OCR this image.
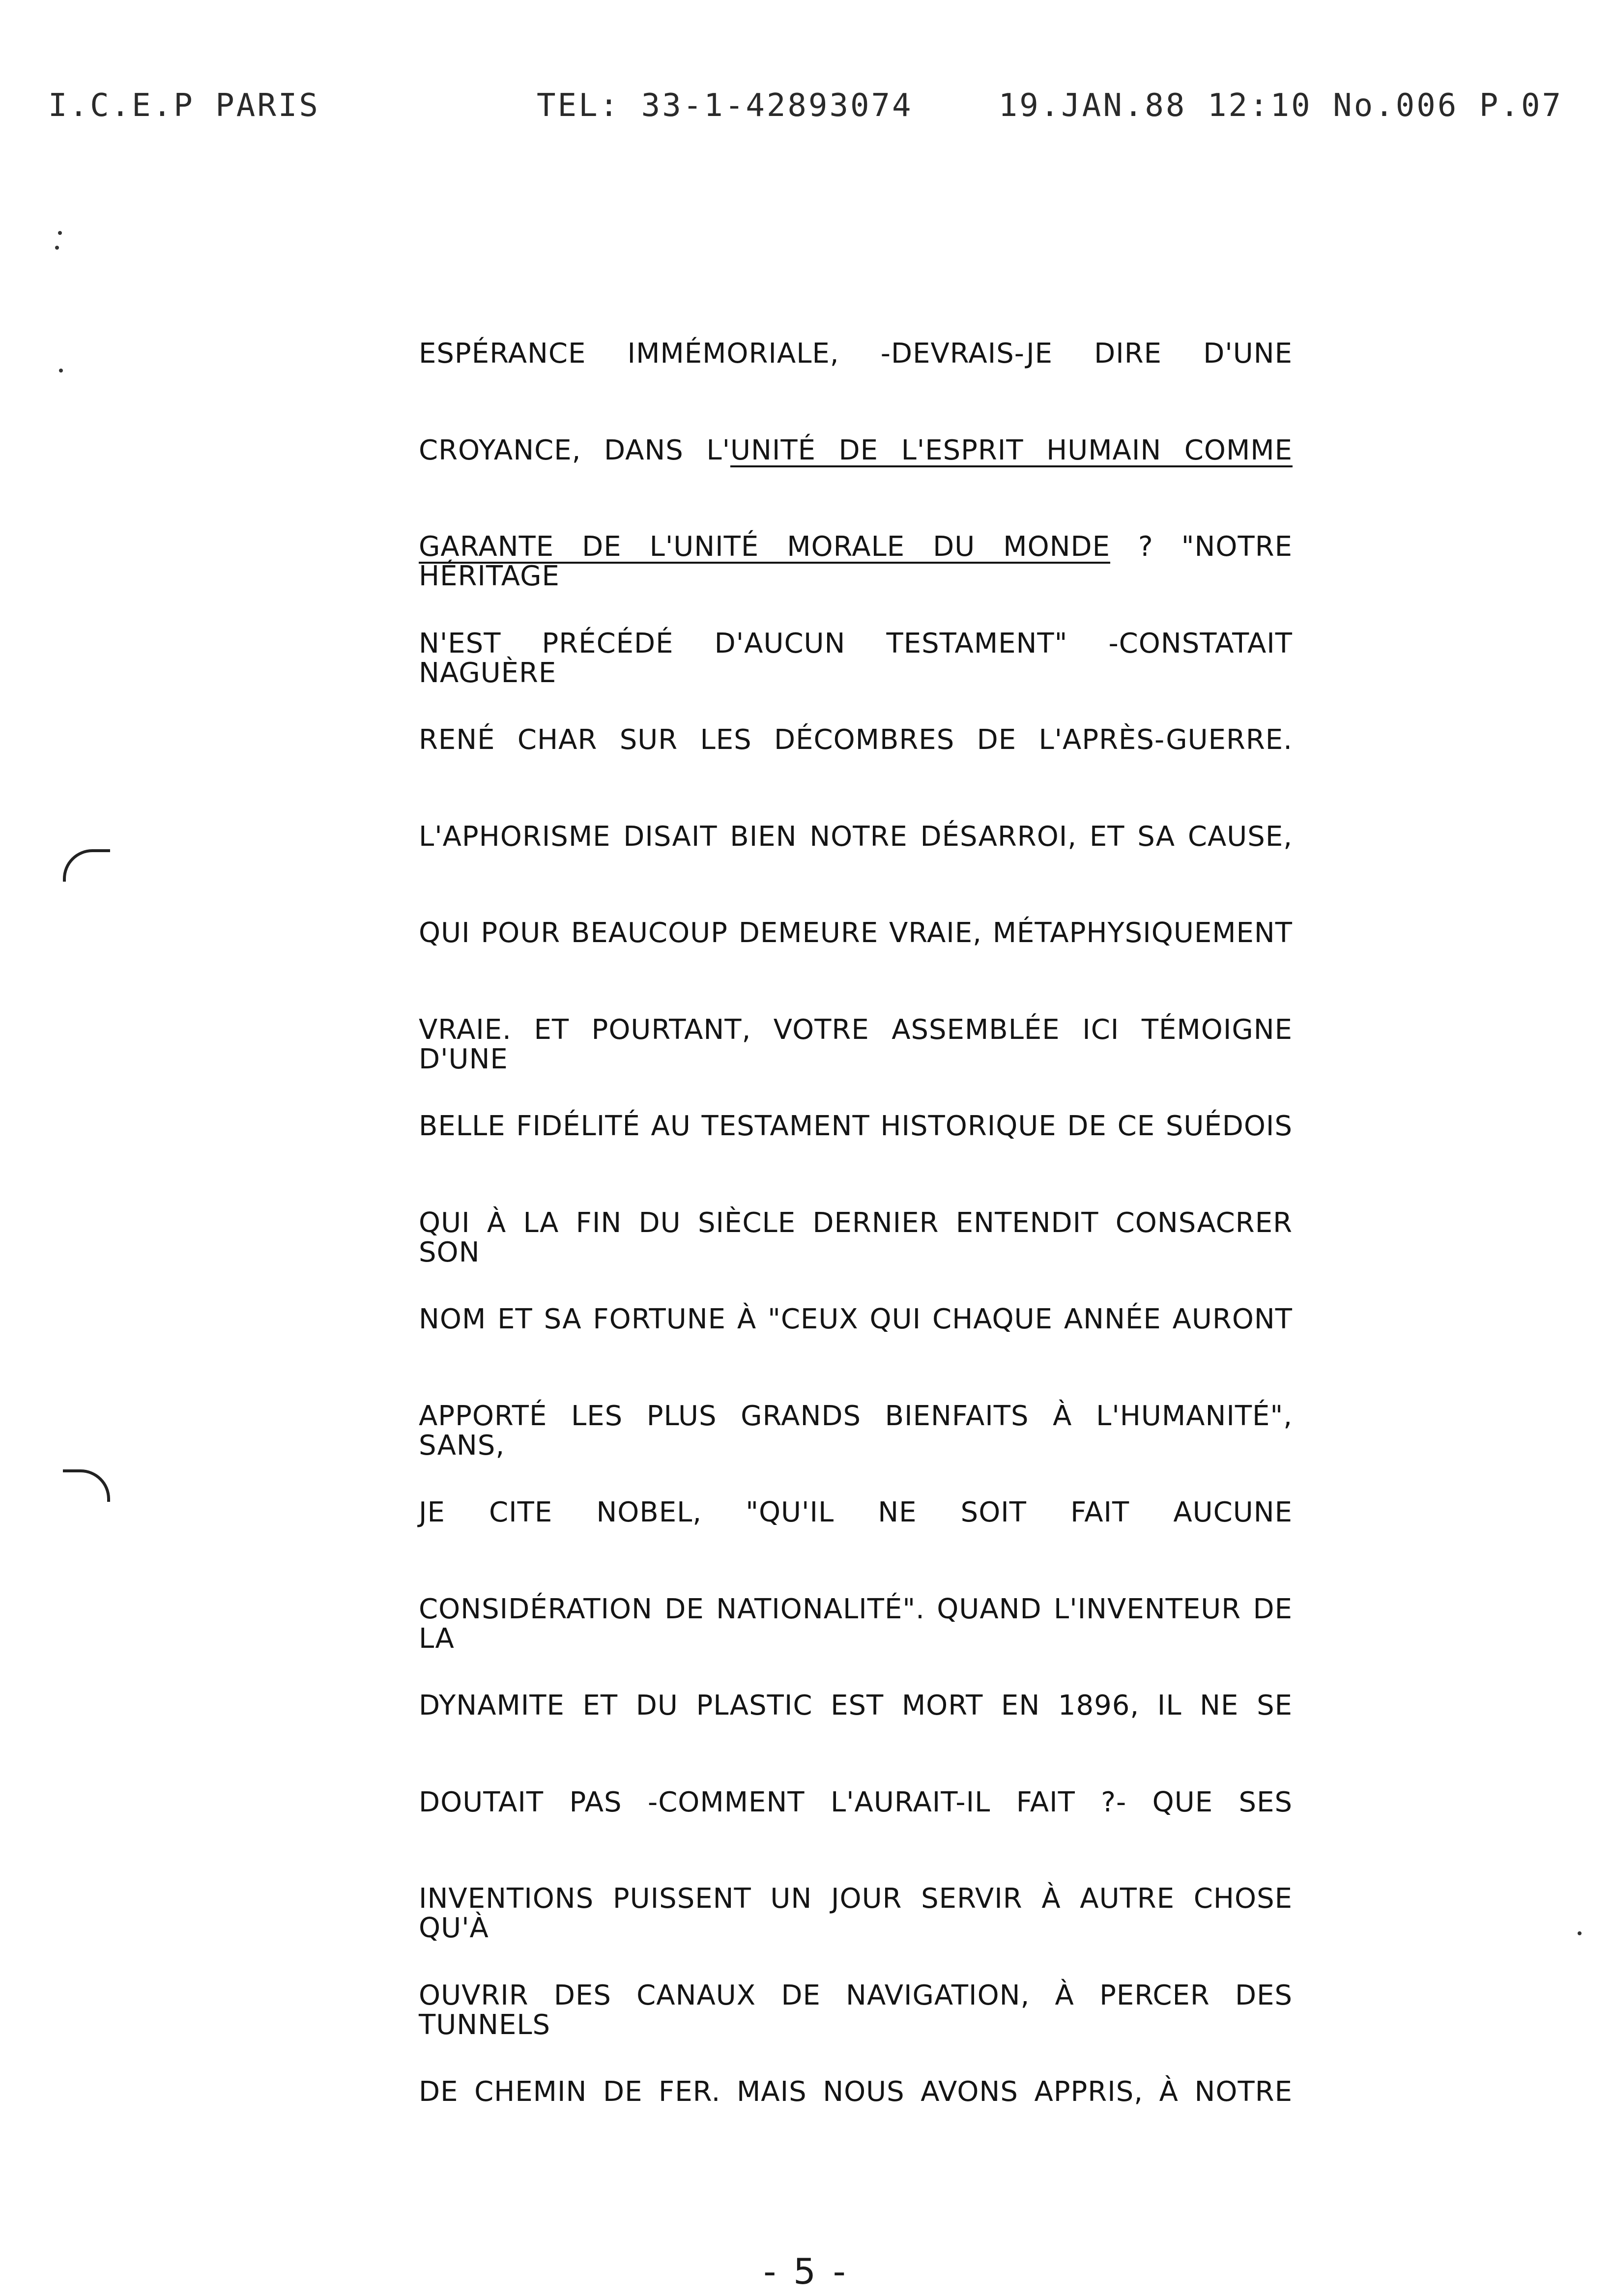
I.C.E.P PARIS	TEL: 33-1-42893074	19.JAN.88 12:10 No.006 P.07
ESPÉRANCE IMMÉMORIALE, -DEVRAIS-JE DIRE D'UNE
CROYANCE, DANS L'UNITÉ DE L'ESPRIT HUMAIN COMME
GARANTE DE L'UNITÉ MORALE DU MONDE ? "NOTRE HÉRITAGE
N'EST PRÉCÉDÉ D'AUCUN TESTAMENT" -CONSTATAIT NAGUÈRE
RENÉ CHAR SUR LES DÉCOMBRES DE L'APRÈS-GUERRE.
L'APHORISME DISAIT BIEN NOTRE DÉSARROI, ET SA CAUSE,
QUI POUR BEAUCOUP DEMEURE VRAIE, MÉTAPHYSIQUEMENT
VRAIE. ET POURTANT, VOTRE ASSEMBLÉE ICI TÉMOIGNE D'UNE
BELLE FIDÉLITÉ AU TESTAMENT HISTORIQUE DE CE SUÉDOIS
QUI À LA FIN DU SIÈCLE DERNIER ENTENDIT CONSACRER SON
NOM ET SA FORTUNE À "CEUX QUI CHAQUE ANNÉE AURONT
APPORTÉ LES PLUS GRANDS BIENFAITS À L'HUMANITÉ", SANS,
JE CITE NOBEL, "QU'IL NE SOIT FAIT AUCUNE
CONSIDÉRATION DE NATIONALITÉ". QUAND L'INVENTEUR DE LA
DYNAMITE ET DU PLASTIC EST MORT EN 1896, IL NE SE
DOUTAIT PAS -COMMENT L'AURAIT-IL FAIT ?- QUE SES
INVENTIONS PUISSENT UN JOUR SERVIR À AUTRE CHOSE QU'À
OUVRIR DES CANAUX DE NAVIGATION, À PERCER DES TUNNELS
DE CHEMIN DE FER. MAIS NOUS AVONS APPRIS, À NOTRE
- 5 -
